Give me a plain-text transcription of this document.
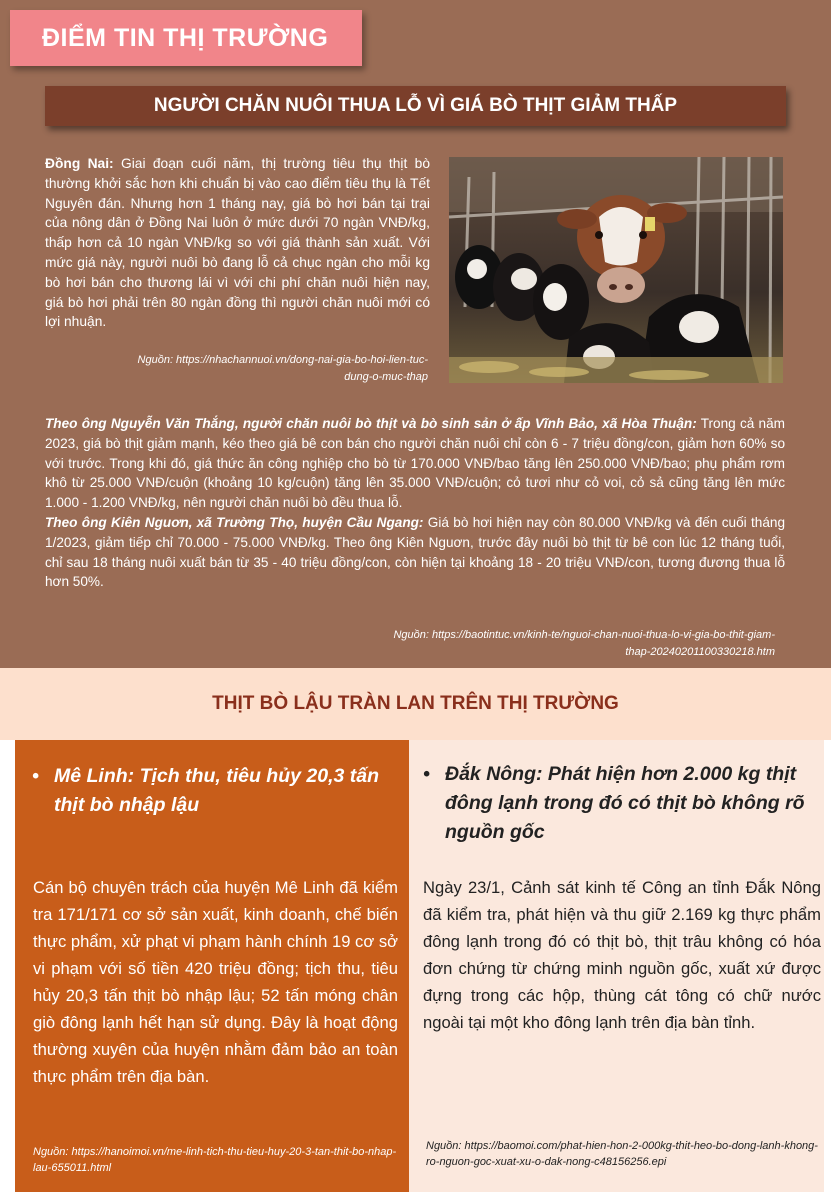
ĐIỂM TIN THỊ TRƯỜNG
NGƯỜI CHĂN NUÔI THUA LỖ VÌ GIÁ BÒ THỊT GIẢM THẤP

Đồng Nai: Giai đoạn cuối năm, thị trường tiêu thụ thịt bò thường khởi sắc hơn khi chuẩn bị vào cao điểm tiêu thụ là Tết Nguyên đán. Nhưng hơn 1 tháng nay, giá bò hơi bán tại trại của nông dân ở Đồng Nai luôn ở mức dưới 70 ngàn VNĐ/kg, thấp hơn cả 10 ngàn VNĐ/kg so với giá thành sản xuất. Với mức giá này, người nuôi bò đang lỗ cả chục ngàn cho mỗi kg bò hơi bán cho thương lái vì với chi phí chăn nuôi hiện nay, giá bò hơi phải trên 80 ngàn đồng thì người chăn nuôi mới có lợi nhuận.

Nguồn: https://nhachannuoi.vn/dong-nai-gia-bo-hoi-lien-tuc-dung-o-muc-thap

Theo ông Nguyễn Văn Thắng, người chăn nuôi bò thịt và bò sinh sản ở ấp Vĩnh Bảo, xã Hòa Thuận: Trong cả năm 2023, giá bò thịt giảm mạnh, kéo theo giá bê con bán cho người chăn nuôi chỉ còn 6 - 7 triệu đồng/con, giảm hơn 60% so với trước. Trong khi đó, giá thức ăn công nghiệp cho bò từ 170.000 VNĐ/bao tăng lên 250.000 VNĐ/bao; phụ phẩm rơm khô từ 25.000 VNĐ/cuộn (khoảng 10 kg/cuộn) tăng lên 35.000 VNĐ/cuộn; cỏ tươi như cỏ voi, cỏ sả cũng tăng lên mức 1.000 - 1.200 VNĐ/kg, nên người chăn nuôi bò đều thua lỗ.
Theo ông Kiên Nguơn, xã Trường Thọ, huyện Cầu Ngang: Giá bò hơi hiện nay còn 80.000 VNĐ/kg và đến cuối tháng 1/2023, giảm tiếp chỉ 70.000 - 75.000 VNĐ/kg. Theo ông Kiên Nguơn, trước đây nuôi bò thịt từ bê con lúc 12 tháng tuổi, chỉ sau 18 tháng nuôi xuất bán từ 35 - 40 triệu đồng/con, còn hiện tại khoảng 18 - 20 triệu VNĐ/con, tương đương thua lỗ hơn 50%.

Nguồn: https://baotintuc.vn/kinh-te/nguoi-chan-nuoi-thua-lo-vi-gia-bo-thit-giam-thap-20240201100330218.htm

THỊT BÒ LẬU TRÀN LAN TRÊN THỊ TRƯỜNG
• Mê Linh: Tịch thu, tiêu hủy 20,3 tấn thịt bò nhập lậu

Cán bộ chuyên trách của huyện Mê Linh đã kiểm tra 171/171 cơ sở sản xuất, kinh doanh, chế biến thực phẩm, xử phạt vi phạm hành chính 19 cơ sở vi phạm với số tiền 420 triệu đồng; tịch thu, tiêu hủy 20,3 tấn thịt bò nhập lậu; 52 tấn móng chân giò đông lạnh hết hạn sử dụng. Đây là hoạt động thường xuyên của huyện nhằm đảm bảo an toàn thực phẩm trên địa bàn.

Nguồn: https://hanoimoi.vn/me-linh-tich-thu-tieu-huy-20-3-tan-thit-bo-nhap-lau-655011.html

• Đắk Nông: Phát hiện hơn 2.000 kg thịt đông lạnh trong đó có thịt bò không rõ nguồn gốc

Ngày 23/1, Cảnh sát kinh tế Công an tỉnh Đắk Nông đã kiểm tra, phát hiện và thu giữ 2.169 kg thực phẩm đông lạnh trong đó có thịt bò, thịt trâu không có hóa đơn chứng từ chứng minh nguồn gốc, xuất xứ được đựng trong các hộp, thùng cát tông có chữ nước ngoài tại một kho đông lạnh trên địa bàn tỉnh.

Nguồn: https://baomoi.com/phat-hien-hon-2-000kg-thit-heo-bo-dong-lanh-khong-ro-nguon-goc-xuat-xu-o-dak-nong-c48156256.epi
